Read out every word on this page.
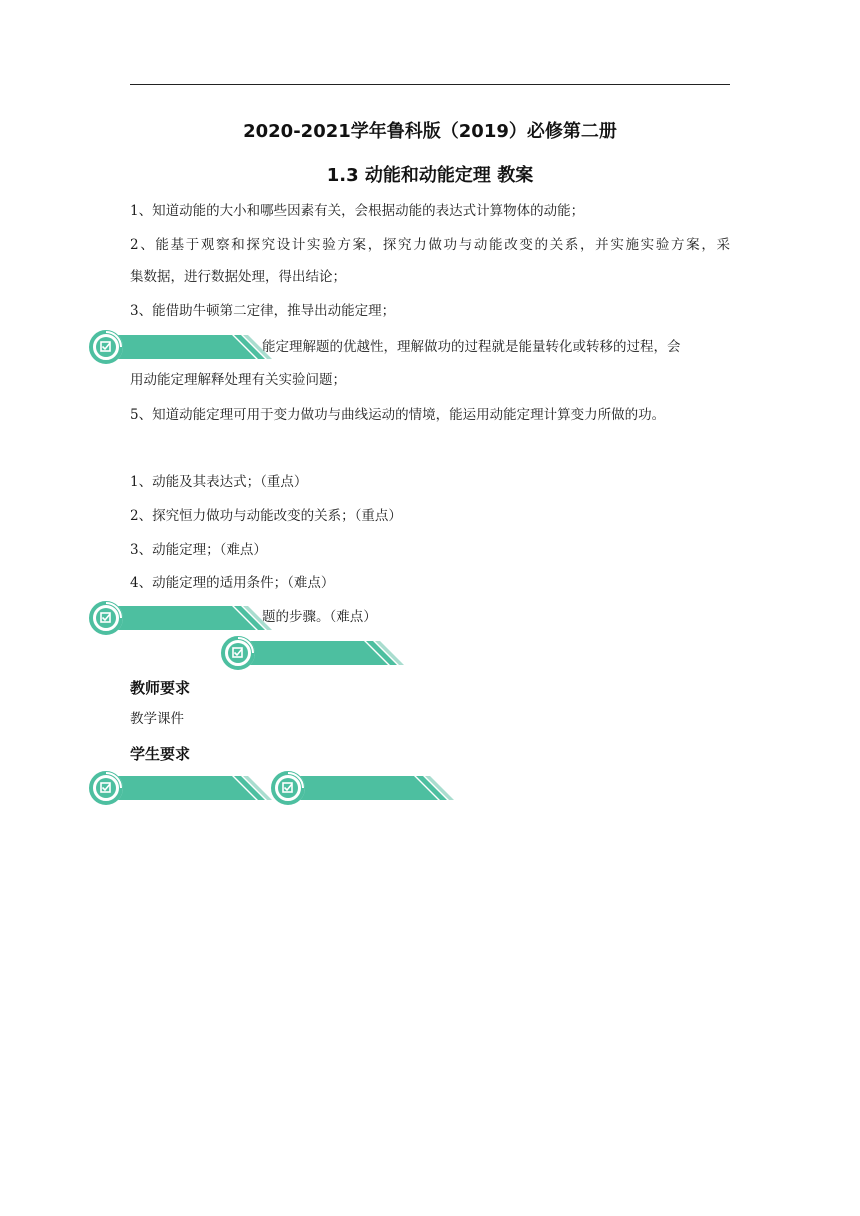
2020-2021学年鲁科版（2019）必修第二册
1.3 动能和动能定理 教案
1、知道动能的大小和哪些因素有关，会根据动能的表达式计算物体的动能；
2、能基于观察和探究设计实验方案，探究力做功与动能改变的关系，并实施实验方案，采
集数据，进行数据处理，得出结论；
3、能借助牛顿第二定律，推导出动能定理；
能定理解题的优越性，理解做功的过程就是能量转化或转移的过程，会
用动能定理解释处理有关实验问题；
5、知道动能定理可用于变力做功与曲线运动的情境，能运用动能定理计算变力所做的功。
1、动能及其表达式；（重点）
2、探究恒力做功与动能改变的关系；（重点）
3、动能定理；（难点）
4、动能定理的适用条件；（难点）
题的步骤。（难点）
教师要求
教学课件
学生要求
